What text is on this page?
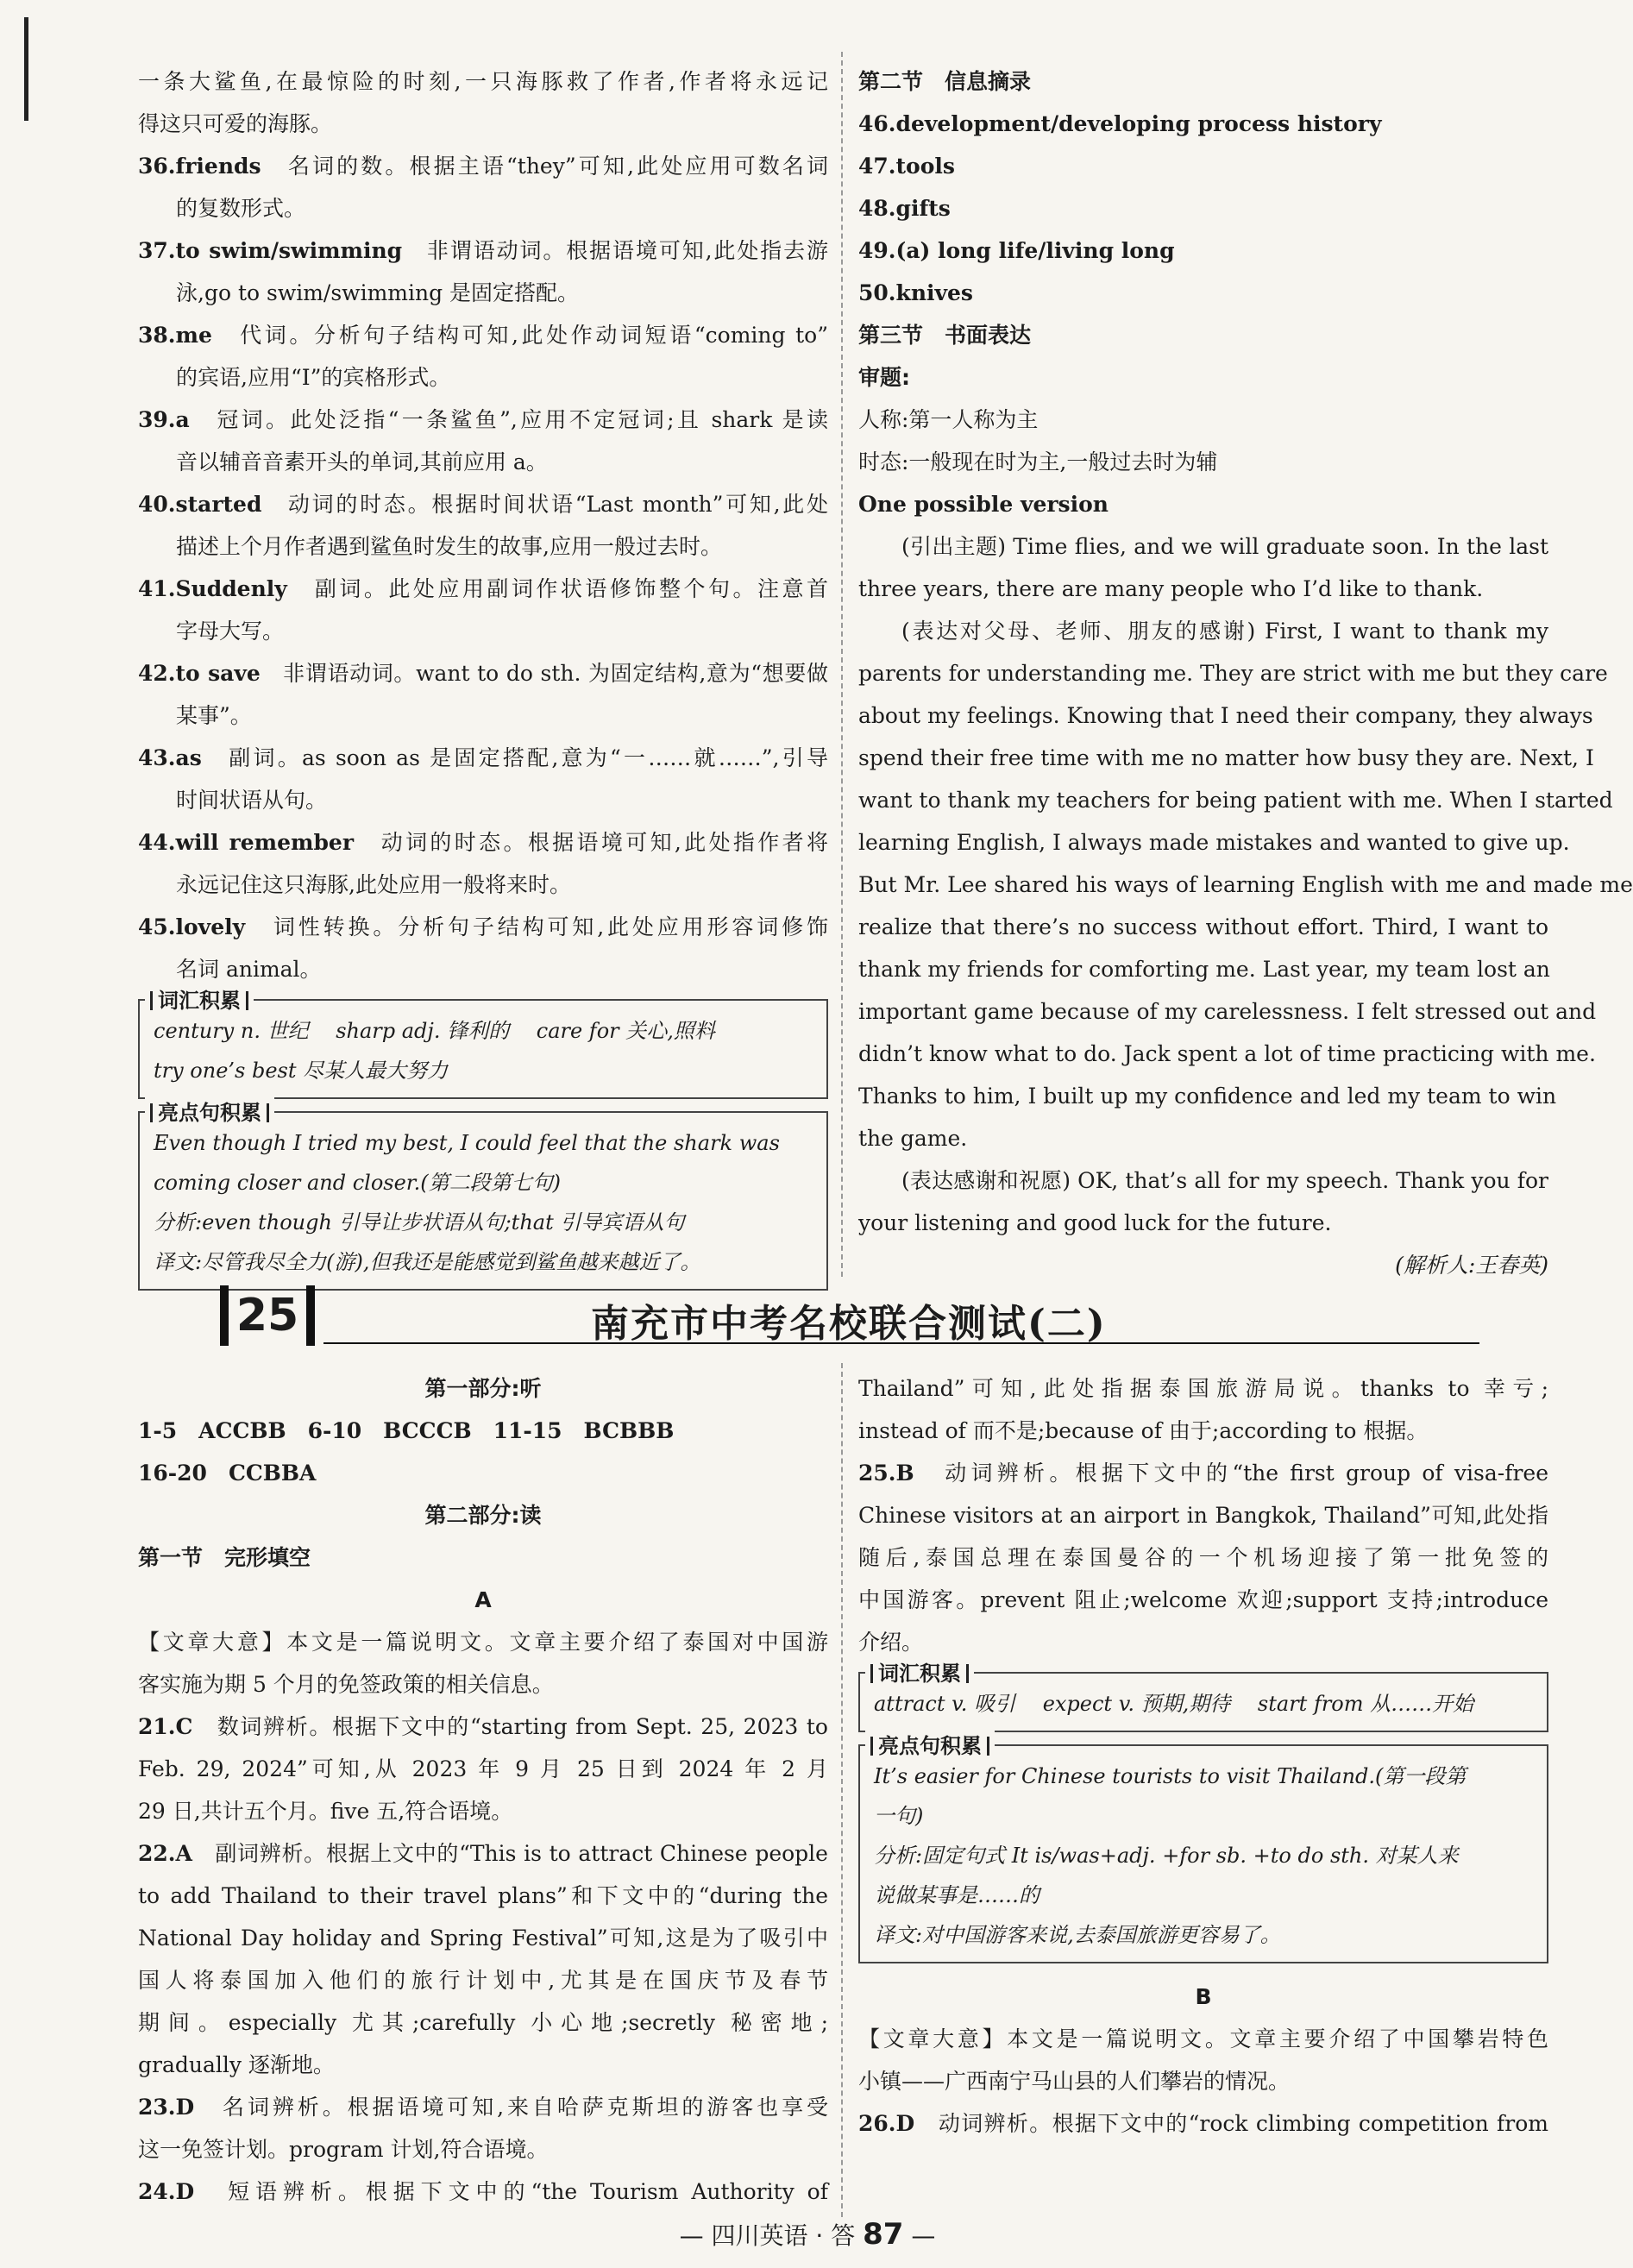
一条大鲨鱼,在最惊险的时刻,一只海豚救了作者,作者将永远记
得这只可爱的海豚。
36.friends　 名词的数。根据主语“they”可知,此处应用可数名词
的复数形式。
37.to swim/swimming　 非谓语动词。根据语境可知,此处指去游
泳,go to swim/swimming 是固定搭配。
38.me　 代词。分析句子结构可知,此处作动词短语“coming to”
的宾语,应用“I”的宾格形式。
39.a　 冠词。此处泛指“一条鲨鱼”,应用不定冠词;且 shark 是读
音以辅音音素开头的单词,其前应用 a。
40.started　 动词的时态。根据时间状语“Last month”可知,此处
描述上个月作者遇到鲨鱼时发生的故事,应用一般过去时。
41.Suddenly　 副词。此处应用副词作状语修饰整个句。注意首
字母大写。
42.to save　 非谓语动词。want to do sth. 为固定结构,意为“想要做
某事”。
43.as　 副词。as soon as 是固定搭配,意为“一……就……”,引导
时间状语从句。
44.will remember　 动词的时态。根据语境可知,此处指作者将
永远记住这只海豚,此处应用一般将来时。
45.lovely　 词性转换。分析句子结构可知,此处应用形容词修饰
名词 animal。
词汇积累
century n. 世纪　 sharp adj. 锋利的　 care for 关心,照料
try one’s best 尽某人最大努力
亮点句积累
Even though I tried my best, I could feel that the shark was
coming closer and closer.(第二段第七句)
分析:even though 引导让步状语从句;that 引导宾语从句
译文:尽管我尽全力(游),但我还是能感觉到鲨鱼越来越近了。
第二节　信息摘录
46.development/developing process history
47.tools
48.gifts
49.(a) long life/living long
50.knives
第三节　书面表达
审题:
人称:第一人称为主
时态:一般现在时为主,一般过去时为辅
One possible version
(引出主题) Time flies, and we will graduate soon. In the last
three years, there are many people who I’d like to thank.
(表达对父母、老师、朋友的感谢) First, I want to thank my
parents for understanding me. They are strict with me but they care
about my feelings. Knowing that I need their company, they always
spend their free time with me no matter how busy they are. Next, I
want to thank my teachers for being patient with me. When I started
learning English, I always made mistakes and wanted to give up.
But Mr. Lee shared his ways of learning English with me and made me
realize that there’s no success without effort. Third, I want to
thank my friends for comforting me. Last year, my team lost an
important game because of my carelessness. I felt stressed out and
didn’t know what to do. Jack spent a lot of time practicing with me.
Thanks to him, I built up my confidence and led my team to win
the game.
(表达感谢和祝愿) OK, that’s all for my speech. Thank you for
your listening and good luck for the future.
(解析人:王春英)
25	南充市中考名校联合测试(二)
第一部分:听
1-5　ACCBB　6-10　BCCCB　11-15　BCBBB
16-20　CCBBA
第二部分:读
第一节　完形填空
A
【文章大意】本文是一篇说明文。文章主要介绍了泰国对中国游
客实施为期 5 个月的免签政策的相关信息。
21.C　 数词辨析。根据下文中的“starting from Sept. 25, 2023 to
Feb. 29, 2024”可知,从 2023 年 9 月 25 日到 2024 年 2 月
29 日,共计五个月。five 五,符合语境。
22.A　 副词辨析。根据上文中的“This is to attract Chinese people
to add Thailand to their travel plans”和下文中的“during the
National Day holiday and Spring Festival”可知,这是为了吸引中
国人将泰国加入他们的旅行计划中,尤其是在国庆节及春节
期间。especially 尤其;carefully 小心地;secretly 秘密地;
gradually 逐渐地。
23.D　 名词辨析。根据语境可知,来自哈萨克斯坦的游客也享受
这一免签计划。program 计划,符合语境。
24.D　 短语辨析。根据下文中的“the Tourism Authority of
Thailand”可知,此处指据泰国旅游局说。thanks to 幸亏;
instead of 而不是;because of 由于;according to 根据。
25.B　 动词辨析。根据下文中的“the first group of visa-free
Chinese visitors at an airport in Bangkok, Thailand”可知,此处指
随后,泰国总理在泰国曼谷的一个机场迎接了第一批免签的
中国游客。prevent 阻止;welcome 欢迎;support 支持;introduce
介绍。
词汇积累
attract v. 吸引　 expect v. 预期,期待　 start from 从……开始
亮点句积累
It’s easier for Chinese tourists to visit Thailand.(第一段第
一句)
分析:固定句式 It is/was+adj. +for sb. +to do sth. 对某人来
说做某事是……的
译文:对中国游客来说,去泰国旅游更容易了。
B
【文章大意】本文是一篇说明文。文章主要介绍了中国攀岩特色
小镇——广西南宁马山县的人们攀岩的情况。
26.D　 动词辨析。根据下文中的“rock climbing competition from
— 四川英语 · 答 87 —
